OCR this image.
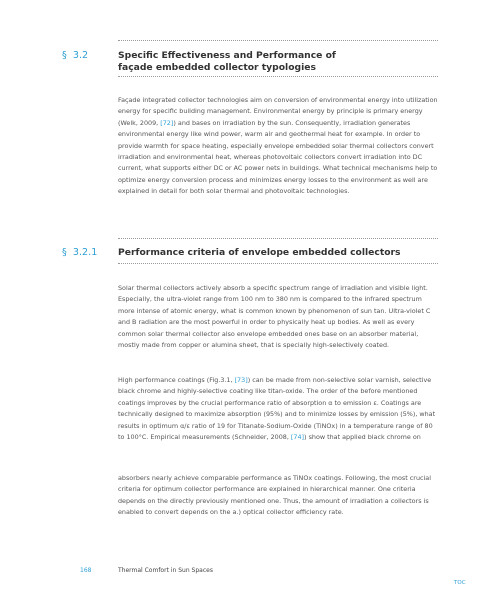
§ 3.2	Specific Effectiveness and Performance of
façade embedded collector typologies

Façade integrated collector technologies aim on conversion of environmental energy into utilization energy for specific building management. Environmental energy by principle is primary energy (Welk, 2009, [72]) and bases on irradiation by the sun. Consequently, irradiation generates environmental energy like wind power, warm air and geothermal heat for example. In order to provide warmth for space heating, especially envelope embedded solar thermal collectors convert irradiation and environmental heat, whereas photovoltaic collectors convert irradiation into DC current, what supports either DC or AC power nets in buildings. What technical mechanisms help to optimize energy conversion process and minimizes energy losses to the environment as well are explained in detail for both solar thermal and photovoltaic technologies.

§ 3.2.1 Performance criteria of envelope embedded collectors

Solar thermal collectors actively absorb a specific spectrum range of irradiation and visible light. Especially, the ultra-violet range from 100 nm to 380 nm is compared to the infrared spectrum more intense of atomic energy, what is common known by phenomenon of sun tan. Ultra-violet C and B radiation are the most powerful in order to physically heat up bodies. As well as every common solar thermal collector also envelope embedded ones base on an absorber material, mostly made from copper or alumina sheet, that is specially high-selectively coated.

High performance coatings (Fig.3.1, [73]) can be made from non-selective solar varnish, selective black chrome and highly-selective coating like titan-oxide. The order of the before mentioned coatings improves by the crucial performance ratio of absorption α to emission ε. Coatings are technically designed to maximize absorption (95%) and to minimize losses by emission (5%), what results in optimum α/ε ratio of 19 for Titanate-Sodium-Oxide (TiNOx) in a temperature range of 80 to 100°C. Empirical measurements (Schneider, 2008, [74]) show that applied black chrome on

absorbers nearly achieve comparable performance as TiNOx coatings. Following, the most crucial criteria for optimum collector performance are explained in hierarchical manner. One criteria depends on the directly previously mentioned one. Thus, the amount of irradiation a collectors is enabled to convert depends on the a.) optical collector efficiency rate.

168	Thermal Comfort in Sun Spaces
TOC
